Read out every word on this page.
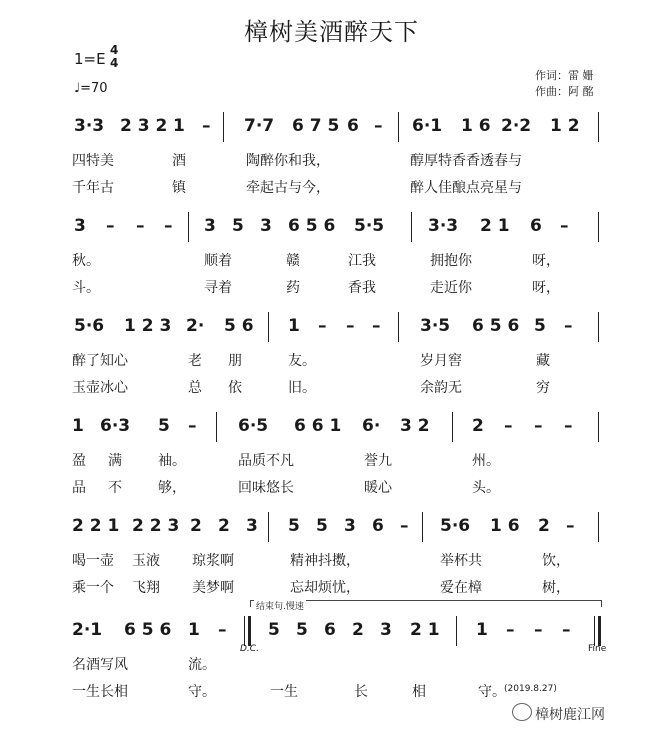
樟树美酒醉天下
1=E 4
4
♩=70
作词：雷 姗
作曲：阿 酩
3·3 2 3 2 1 – 7·7 6 7 5 6 – 6·1 1 6 2·2 1 2
四特美	酒	陶醉你和我，	醇厚特香香透春与
千年古	镇	牵起古与今，	醉人佳酿点亮星与
3 – – – 3 5 3 6 5 6 5·5	3·3 2 1 6 –
秋。	顺着	赣	江我	拥抱你	呀，
斗。	寻着	药	香我	走近你	呀，
5·6 1 2 3 2· 5 6 1 – – – 3·5 6 5 6 5 –
醉了知心	老 朋	友。	岁月窖	藏
玉壶冰心	总 依	旧。	余韵无	穷
1 6·3 5 – 6·5 6 6 1 6· 3 2 2 – – –
盈 满	袖。	品质不凡	誉九	州。
品 不	够，	回味悠长	暖心	头。
2 2 1 2 2 3 2 2 3 5 5 3 6 – 5·6 1 6 2 –
喝一壶 玉液 琼浆啊	精神抖擞，	举杯共	饮，
乘一个 飞翔 美梦啊	忘却烦忧，	爱在樟	树，
结束句.慢速
2·1 6 5 6 1 – 5 5 6 2 3 2 1 1 – – –
D.C.	Fine
名酒写风	流。
一生长相	守。	一生	长	相	守。
(2019.8.27)
樟树鹿江网
